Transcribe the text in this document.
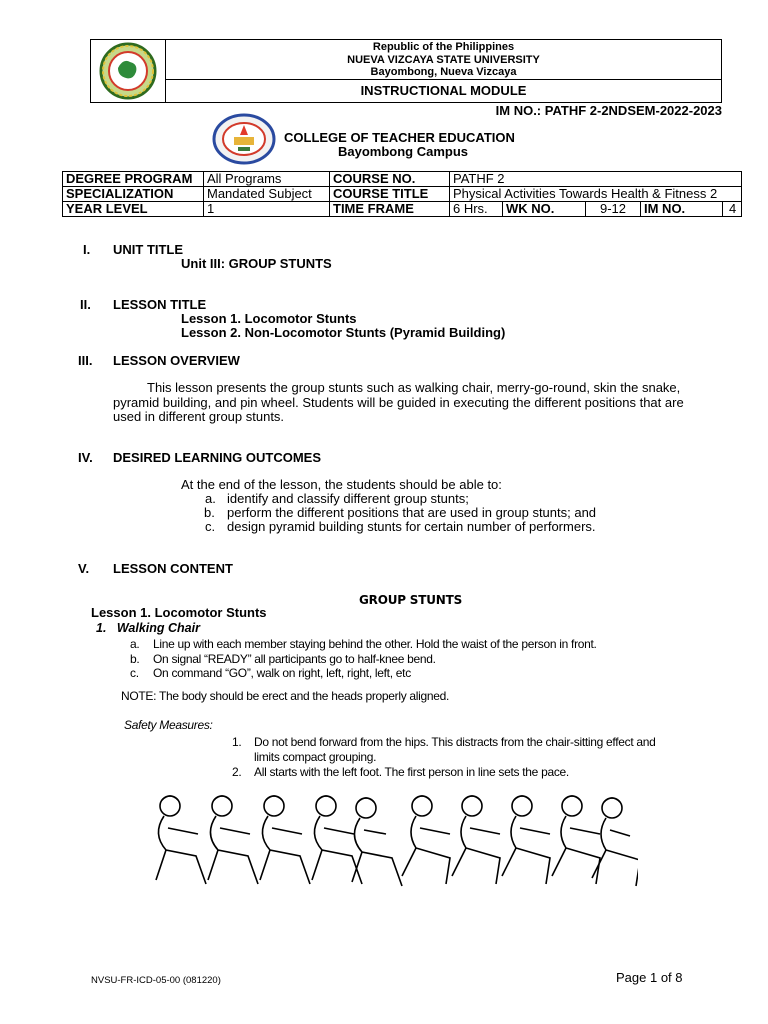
Republic of the Philippines
NUEVA VIZCAYA STATE UNIVERSITY
Bayombong, Nueva Vizcaya
INSTRUCTIONAL MODULE
IM NO.: PATHF 2-2NDSEM-2022-2023
COLLEGE OF TEACHER EDUCATION
Bayombong Campus
DEGREE PROGRAM	All Programs	COURSE NO.	PATHF 2			
SPECIALIZATION	Mandated Subject	COURSE TITLE	Physical Activities Towards Health & Fitness 2			
YEAR LEVEL	1	TIME FRAME	6 Hrs.	WK NO.	9-12	IM NO. 4
I. UNIT TITLE
Unit III: GROUP STUNTS
II. LESSON TITLE
Lesson 1. Locomotor Stunts
Lesson 2. Non-Locomotor Stunts (Pyramid Building)
III. LESSON OVERVIEW
This lesson presents the group stunts such as walking chair, merry-go-round, skin the snake,
pyramid building, and pin wheel. Students will be guided in executing the different positions that are
used in different group stunts.
IV. DESIRED LEARNING OUTCOMES
At the end of the lesson, the students should be able to:
a. identify and classify different group stunts;
b. perform the different positions that are used in group stunts; and
c. design pyramid building stunts for certain number of performers.
V. LESSON CONTENT
GROUP STUNTS
Lesson 1. Locomotor Stunts
1.   Walking Chair
a. Line up with each member staying behind the other. Hold the waist of the person in front.
b. On signal “READY” all participants go to half-knee bend.
c. On command “GO”, walk on right, left, right, left, etc
NOTE: The body should be erect and the heads properly aligned.
Safety Measures:
1. Do not bend forward from the hips. This distracts from the chair-sitting effect and
limits compact grouping.
2. All starts with the left foot. The first person in line sets the pace.
NVSU-FR-ICD-05-00 (081220)	Page 1 of 8
